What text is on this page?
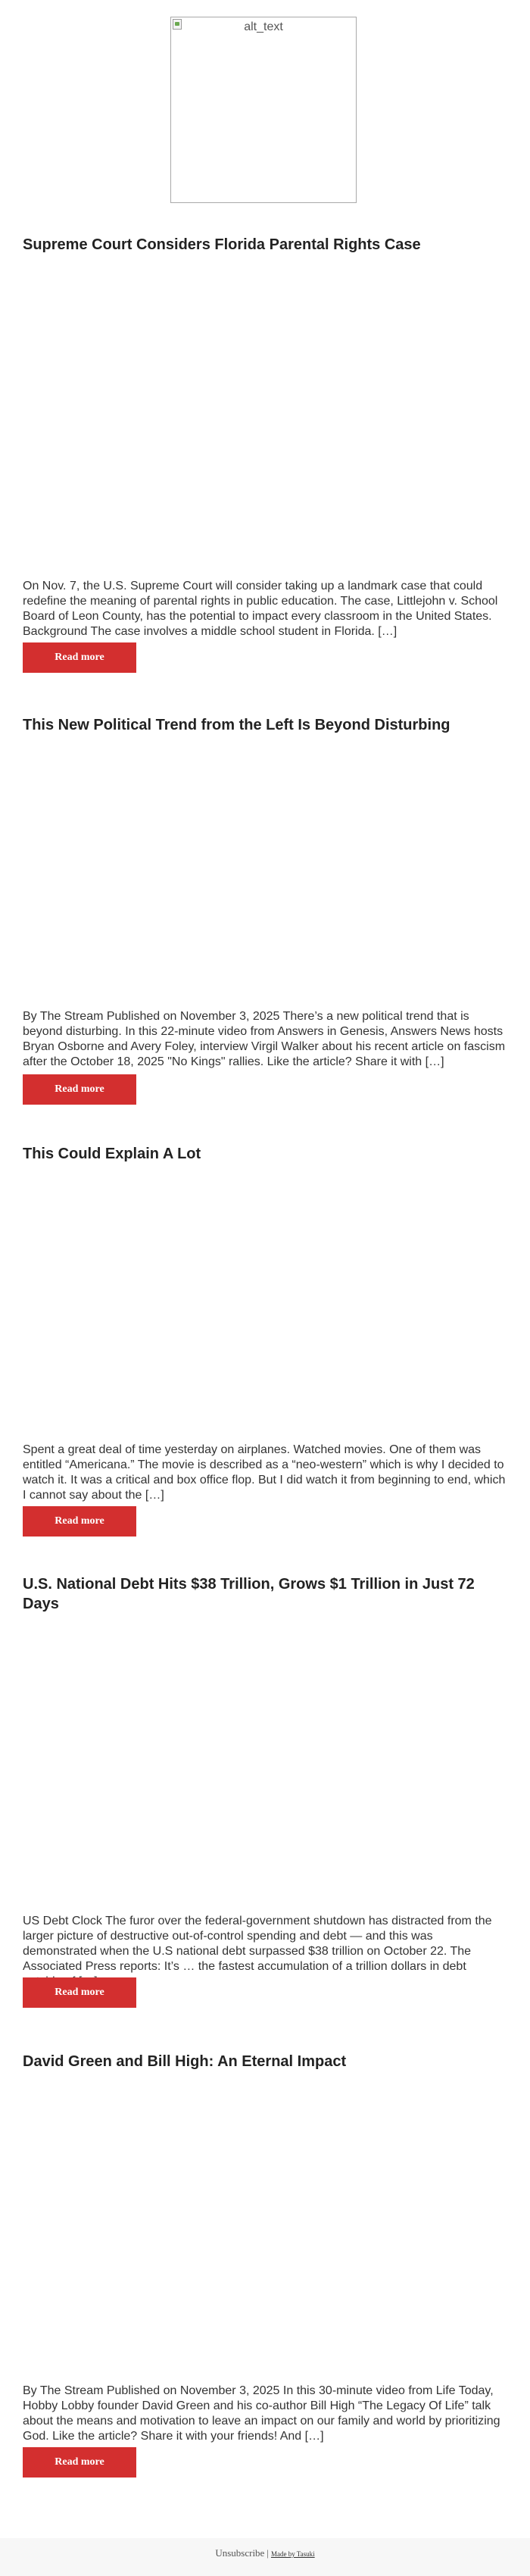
alt_text
Supreme Court Considers Florida Parental Rights Case

On Nov. 7, the U.S. Supreme Court will consider taking up a landmark case that could redefine the meaning of parental rights in public education. The case, Littlejohn v. School Board of Leon County, has the potential to impact every classroom in the United States. Background The case involves a middle school student in Florida. […]

Read more
This New Political Trend from the Left Is Beyond Disturbing

By The Stream Published on November 3, 2025 There’s a new political trend that is beyond disturbing. In this 22-minute video from Answers in Genesis, Answers News hosts Bryan Osborne and Avery Foley, interview Virgil Walker about his recent article on fascism after the October 18, 2025 "No Kings" rallies. Like the article? Share it with […]

Read more
This Could Explain A Lot

Spent a great deal of time yesterday on airplanes. Watched movies. One of them was entitled “Americana.” The movie is described as a “neo-western” which is why I decided to watch it. It was a critical and box office flop. But I did watch it from beginning to end, which I cannot say about the […]

Read more
U.S. National Debt Hits $38 Trillion, Grows $1 Trillion in Just 72 Days

US Debt Clock The furor over the federal-government shutdown has distracted from the larger picture of destructive out-of-control spending and debt — and this was demonstrated when the U.S national debt surpassed $38 trillion on October 22. The Associated Press reports: It’s … the fastest accumulation of a trillion dollars in debt

Read more
David Green and Bill High: An Eternal Impact

By The Stream Published on November 3, 2025 In this 30-minute video from Life Today, Hobby Lobby founder David Green and his co-author Bill High “The Legacy Of Life” talk about the means and motivation to leave an impact on our family and world by prioritizing God. Like the article? Share it with your friends! And […]

Read more
Unsubscribe | Made by Tasuki
